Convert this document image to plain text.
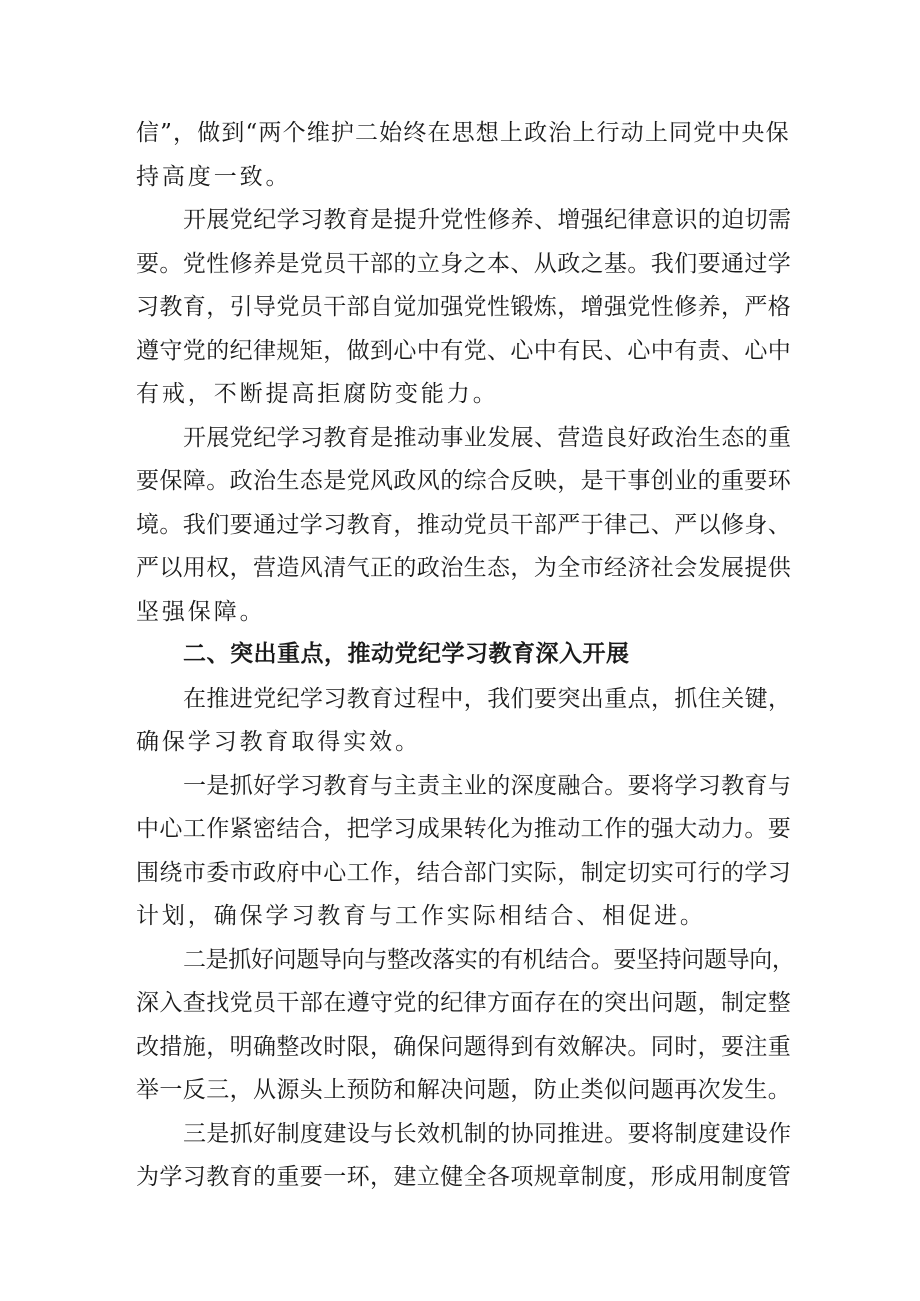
信”，做到“两个维护二始终在思想上政治上行动上同党中央保
持高度一致。
开展党纪学习教育是提升党性修养、增强纪律意识的迫切需
要。党性修养是党员干部的立身之本、从政之基。我们要通过学
习教育，引导党员干部自觉加强党性锻炼，增强党性修养，严格
遵守党的纪律规矩，做到心中有党、心中有民、心中有责、心中
有戒，不断提高拒腐防变能力。
开展党纪学习教育是推动事业发展、营造良好政治生态的重
要保障。政治生态是党风政风的综合反映，是干事创业的重要环
境。我们要通过学习教育，推动党员干部严于律己、严以修身、
严以用权，营造风清气正的政治生态，为全市经济社会发展提供
坚强保障。
二、突出重点，推动党纪学习教育深入开展
在推进党纪学习教育过程中，我们要突出重点，抓住关键，
确保学习教育取得实效。
一是抓好学习教育与主责主业的深度融合。要将学习教育与
中心工作紧密结合，把学习成果转化为推动工作的强大动力。要
围绕市委市政府中心工作，结合部门实际，制定切实可行的学习
计划，确保学习教育与工作实际相结合、相促进。
二是抓好问题导向与整改落实的有机结合。要坚持问题导向，
深入查找党员干部在遵守党的纪律方面存在的突出问题，制定整
改措施，明确整改时限，确保问题得到有效解决。同时，要注重
举一反三，从源头上预防和解决问题，防止类似问题再次发生。
三是抓好制度建设与长效机制的协同推进。要将制度建设作
为学习教育的重要一环，建立健全各项规章制度，形成用制度管
